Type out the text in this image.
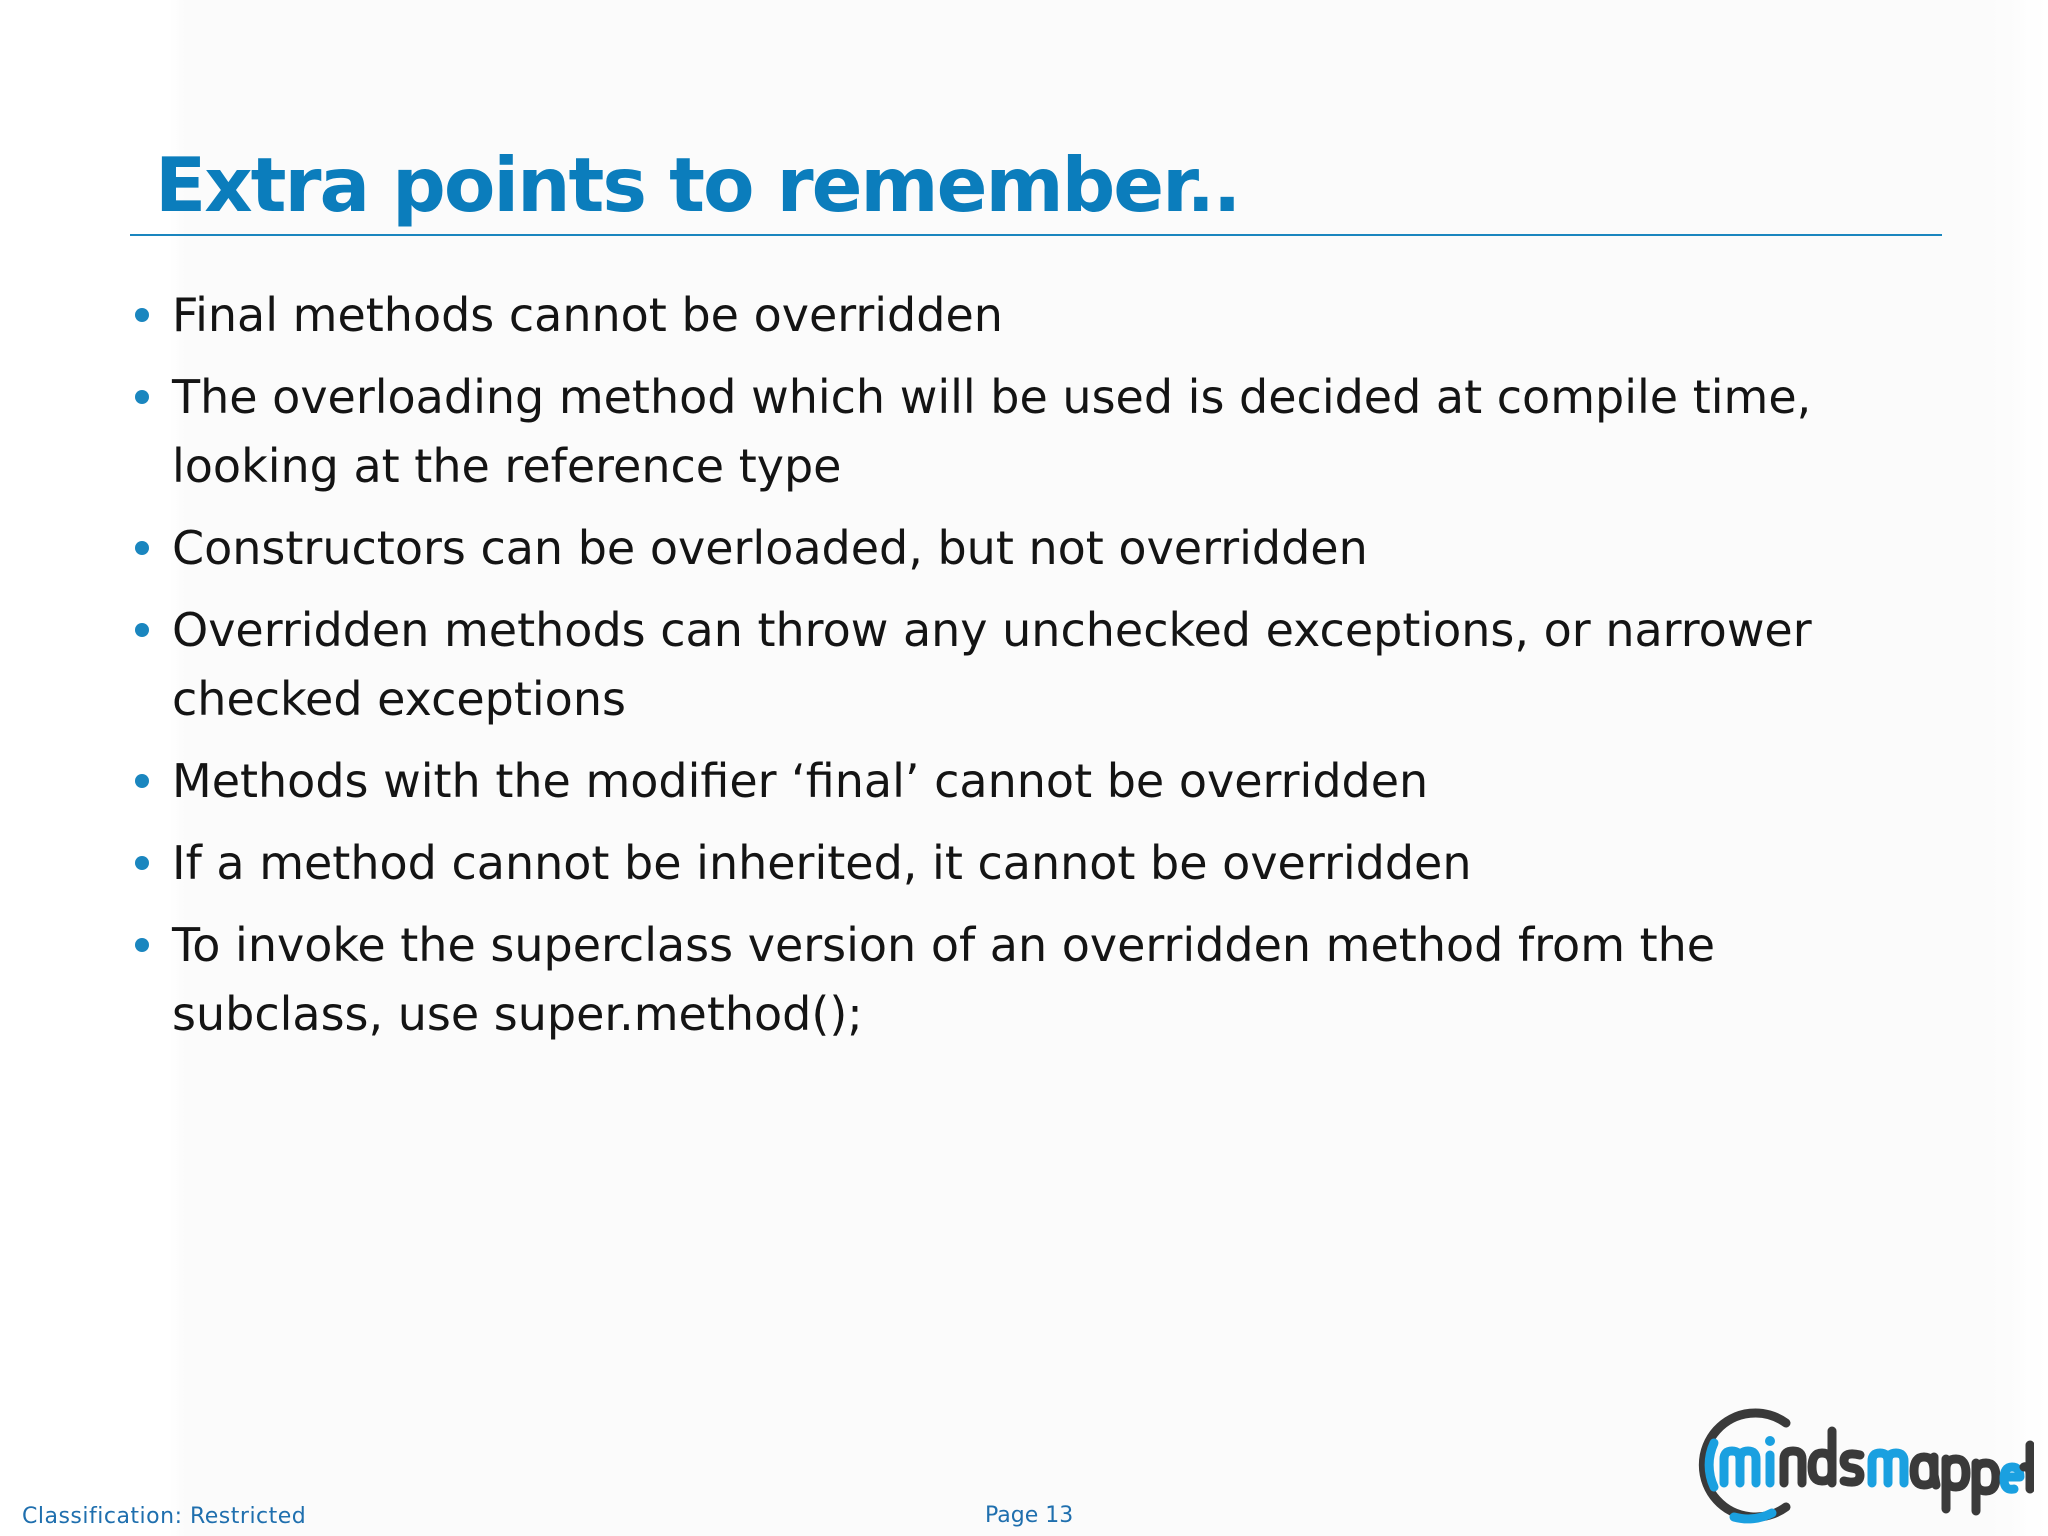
Extra points to remember..
Final methods cannot be overridden
The overloading method which will be used is decided at compile time, looking at the reference type
Constructors can be overloaded, but not overridden
Overridden methods can throw any unchecked exceptions, or narrower checked exceptions
Methods with the modifier ‘final’ cannot be overridden
If a method cannot be inherited, it cannot be overridden
To invoke the superclass version of an overridden method from the subclass, use super.method();
Classification: Restricted	Page 13
